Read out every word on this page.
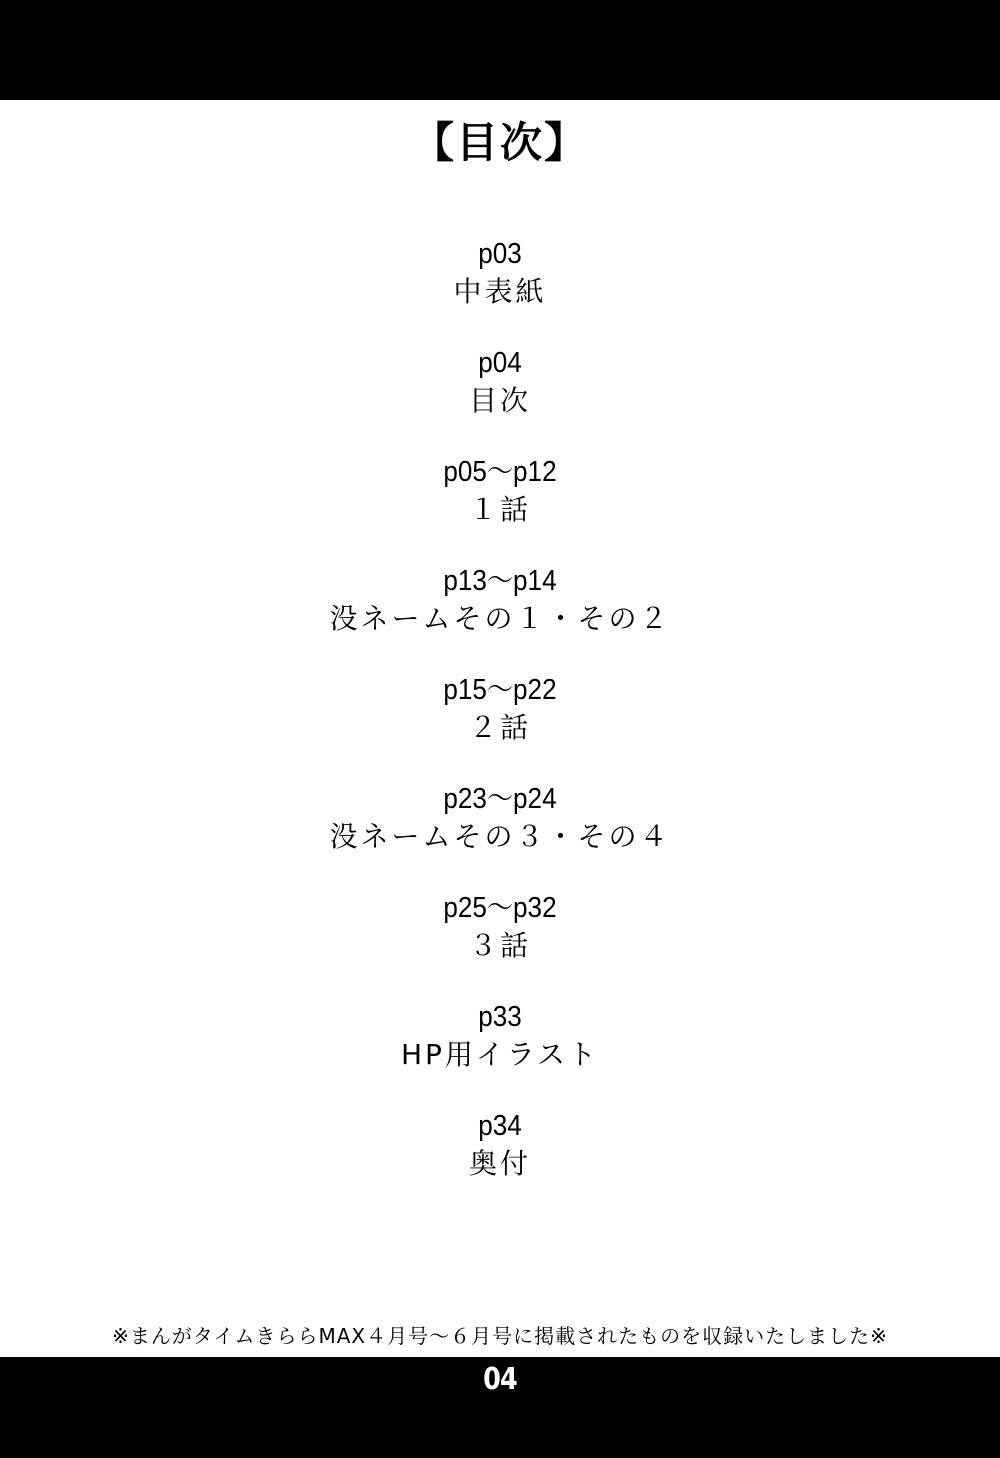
【目次】
p03
中表紙
p04
目次
p05～p12
１話
p13～p14
没ネームその１・その２
p15～p22
２話
p23～p24
没ネームその３・その４
p25～p32
３話
p33
HP用イラスト
p34
奥付

※まんがタイムきららMAX４月号～６月号に掲載されたものを収録いたしました※

04
